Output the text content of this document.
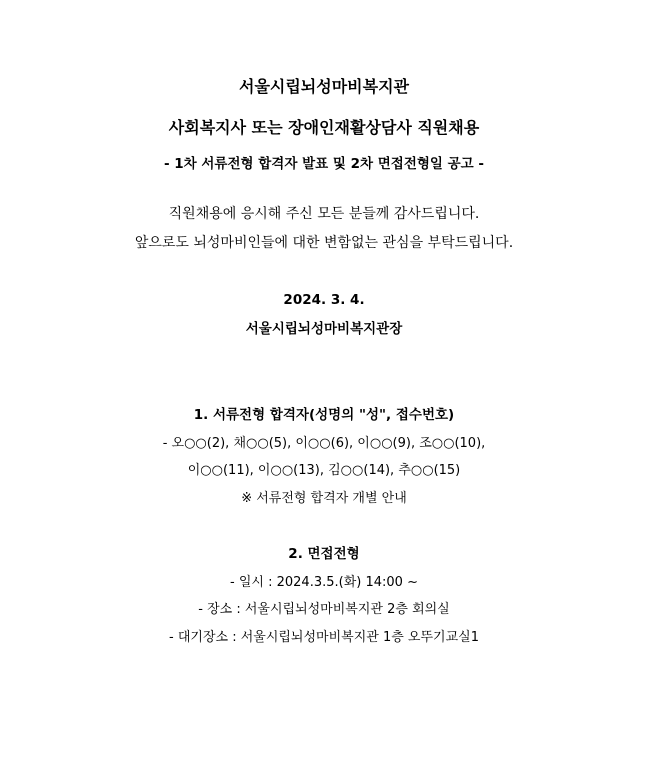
서울시립뇌성마비복지관
사회복지사 또는 장애인재활상담사 직원채용
- 1차 서류전형 합격자 발표 및 2차 면접전형일 공고 -
직원채용에 응시해 주신 모든 분들께 감사드립니다.
앞으로도 뇌성마비인들에 대한 변함없는 관심을 부탁드립니다.
2024. 3. 4.
서울시립뇌성마비복지관장
1. 서류전형 합격자(성명의 "성", 접수번호)
- 오○○(2), 채○○(5), 이○○(6), 이○○(9), 조○○(10),
이○○(11), 이○○(13), 김○○(14), 추○○(15)
※ 서류전형 합격자 개별 안내
2. 면접전형
- 일시 : 2024.3.5.(화) 14:00 ~
- 장소 : 서울시립뇌성마비복지관 2층 회의실
- 대기장소 : 서울시립뇌성마비복지관 1층 오뚜기교실1
